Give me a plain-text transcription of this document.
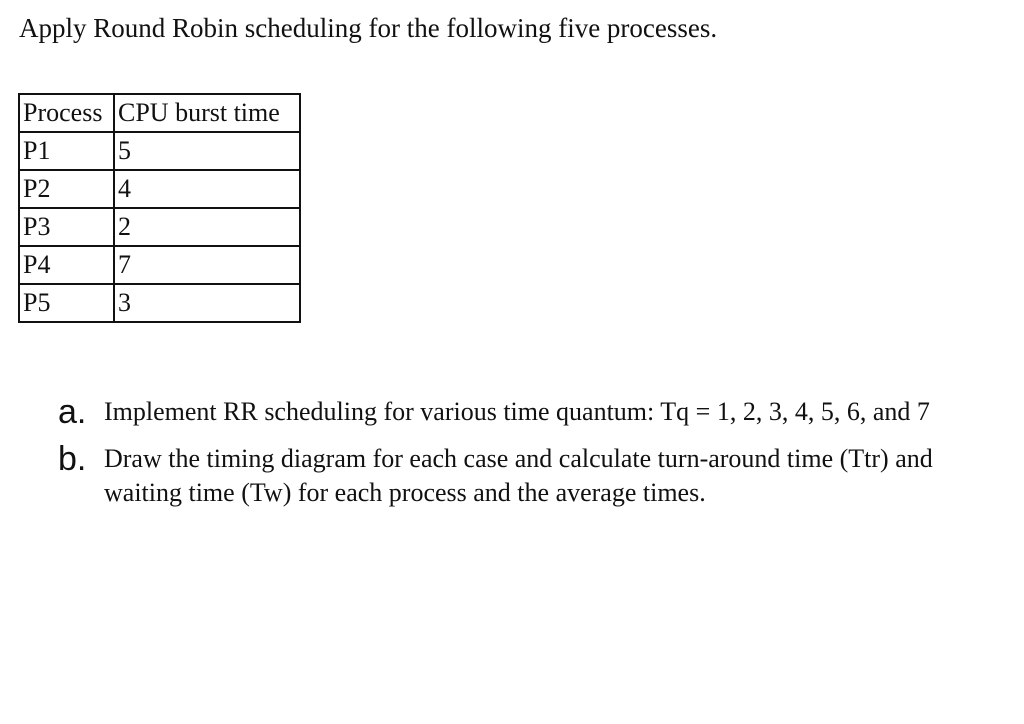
Apply Round Robin scheduling for the following five processes.
Process	CPU burst time
P1	5
P2	4
P3	2
P4	7
P5	3
a. Implement RR scheduling for various time quantum: Tq = 1, 2, 3, 4, 5, 6, and 7
b. Draw the timing diagram for each case and calculate turn-around time (Ttr) and waiting time (Tw) for each process and the average times.
